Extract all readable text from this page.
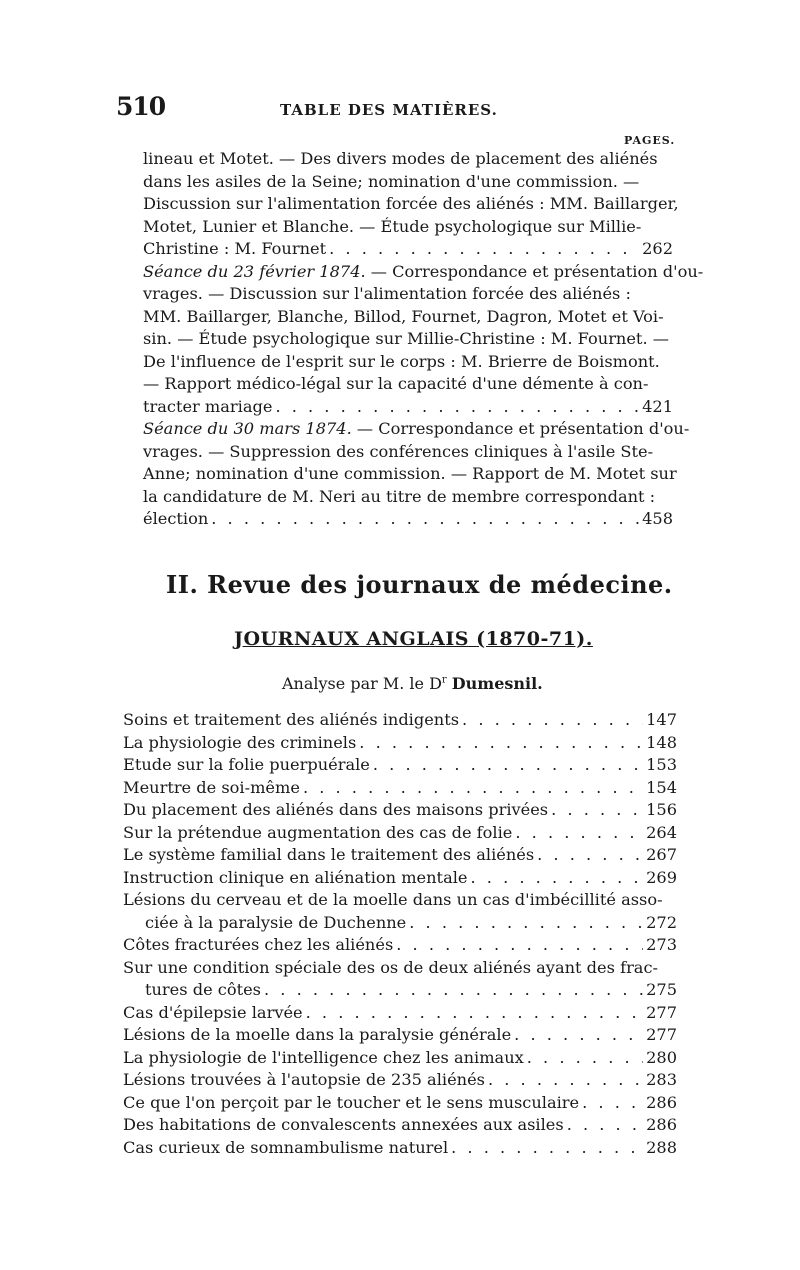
510	TABLE DES MATIÈRES.
PAGES.
lineau et Motet. — Des divers modes de placement des aliénés
dans les asiles de la Seine; nomination d'une commission. —
Discussion sur l'alimentation forcée des aliénés : MM. Baillarger,
Motet, Lunier et Blanche. — Étude psychologique sur Millie-
Christine : M. Fournet . . .	262
Séance du 23 février 1874. — Correspondance et présentation d'ou-
vrages. — Discussion sur l'alimentation forcée des aliénés :
MM. Baillarger, Blanche, Billod, Fournet, Dagron, Motet et Voi-
sin. — Étude psychologique sur Millie-Christine : M. Fournet. —
De l'influence de l'esprit sur le corps : M. Brierre de Boismont.
— Rapport médico-légal sur la capacité d'une démente à con-
tracter mariage . . .	421
Séance du 30 mars 1874. — Correspondance et présentation d'ou-
vrages. — Suppression des conférences cliniques à l'asile Ste-
Anne; nomination d'une commission. — Rapport de M. Motet sur
la candidature de M. Neri au titre de membre correspondant :
élection . . .	458
II. Revue des journaux de médecine.
JOURNAUX ANGLAIS (1870-71).
Analyse par M. le $D^r$ Dumesnil.
Soins et traitement des aliénés indigents . . .	147
La physiologie des criminels . . .	148
Etude sur la folie puerpuérale . . .	153
Meurtre de soi-même . . .	154
Du placement des aliénés dans des maisons privées . . .	156
Sur la prétendue augmentation des cas de folie . . .	264
Le système familial dans le traitement des aliénés . . .	267
Instruction clinique en aliénation mentale . . .	269
Lésions du cerveau et de la moelle dans un cas d'imbécillité asso-
ciée à la paralysie de Duchenne . . .	272
Côtes fracturées chez les aliénés . . .	273
Sur une condition spéciale des os de deux aliénés ayant des frac-
tures de côtes . . .	275
Cas d'épilepsie larvée . . .	277
Lésions de la moelle dans la paralysie générale . . .	277
La physiologie de l'intelligence chez les animaux . . .	280
Lésions trouvées à l'autopsie de 235 aliénés . . .	283
Ce que l'on perçoit par le toucher et le sens musculaire . . .	286
Des habitations de convalescents annexées aux asiles . . .	286
Cas curieux de somnambulisme naturel . . .	288
